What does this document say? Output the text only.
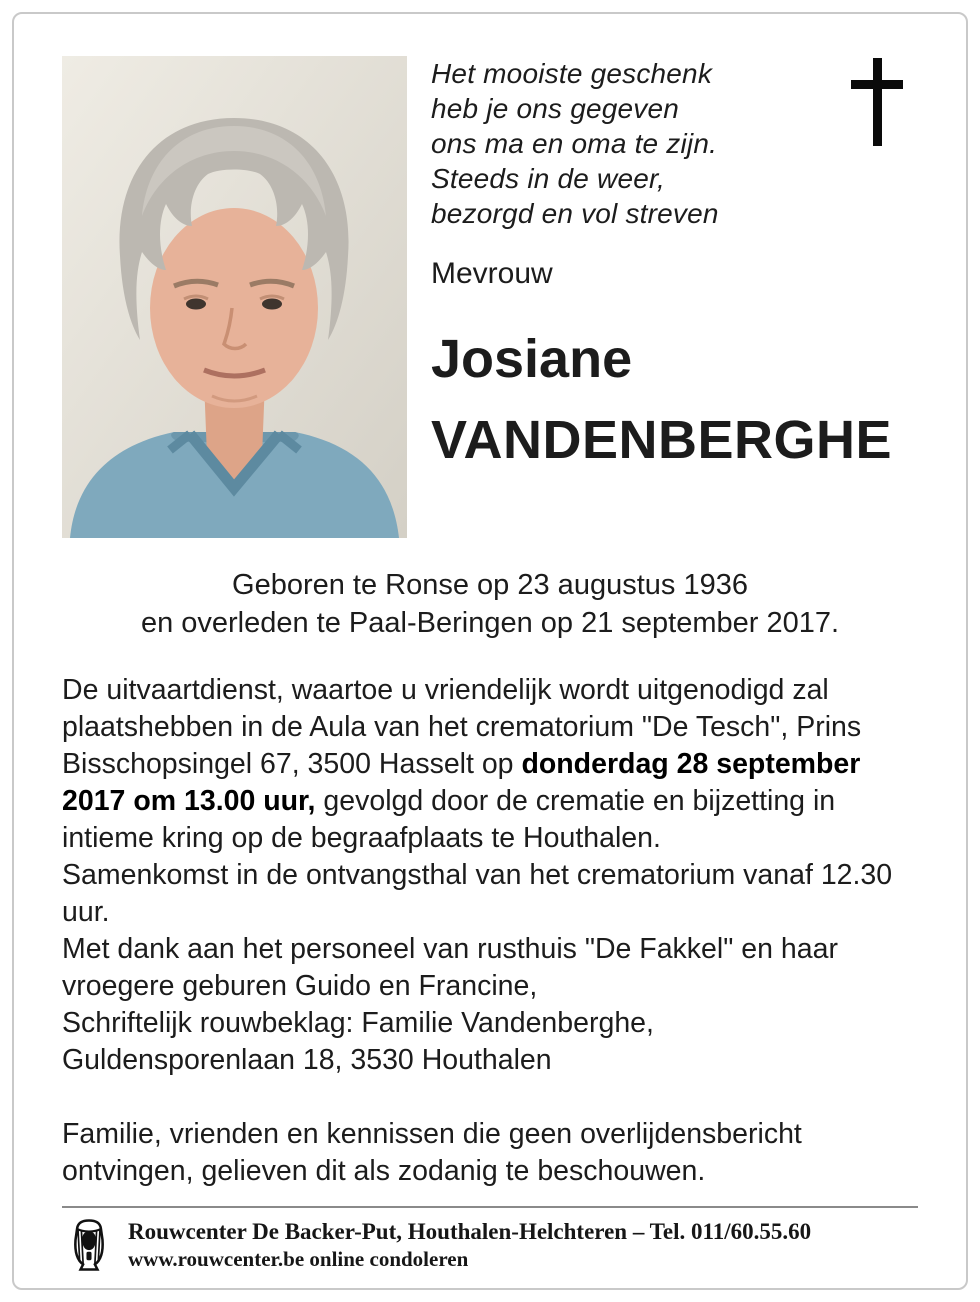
Het mooiste geschenk
heb je ons gegeven
ons ma en oma te zijn.
Steeds in de weer,
bezorgd en vol streven
Mevrouw
Josiane
VANDENBERGHE
Geboren te Ronse op 23 augustus 1936
en overleden te Paal-Beringen op 21 september 2017.
De uitvaartdienst, waartoe u vriendelijk wordt uitgenodigd zal plaatshebben in de Aula van het crematorium "De Tesch", Prins Bisschopsingel 67, 3500 Hasselt op donderdag 28 september 2017 om 13.00 uur, gevolgd door de crematie en bijzetting in intieme kring op de begraafplaats te Houthalen.
Samenkomst in de ontvangsthal van het crematorium vanaf 12.30 uur.
Met dank aan het personeel van rusthuis "De Fakkel" en haar vroegere geburen Guido en Francine,
Schriftelijk rouwbeklag: Familie Vandenberghe,
Guldensporenlaan 18, 3530 Houthalen
Familie, vrienden en kennissen die geen overlijdensbericht ontvingen, gelieven dit als zodanig te beschouwen.
Rouwcenter De Backer-Put, Houthalen-Helchteren – Tel. 011/60.55.60
www.rouwcenter.be online condoleren
